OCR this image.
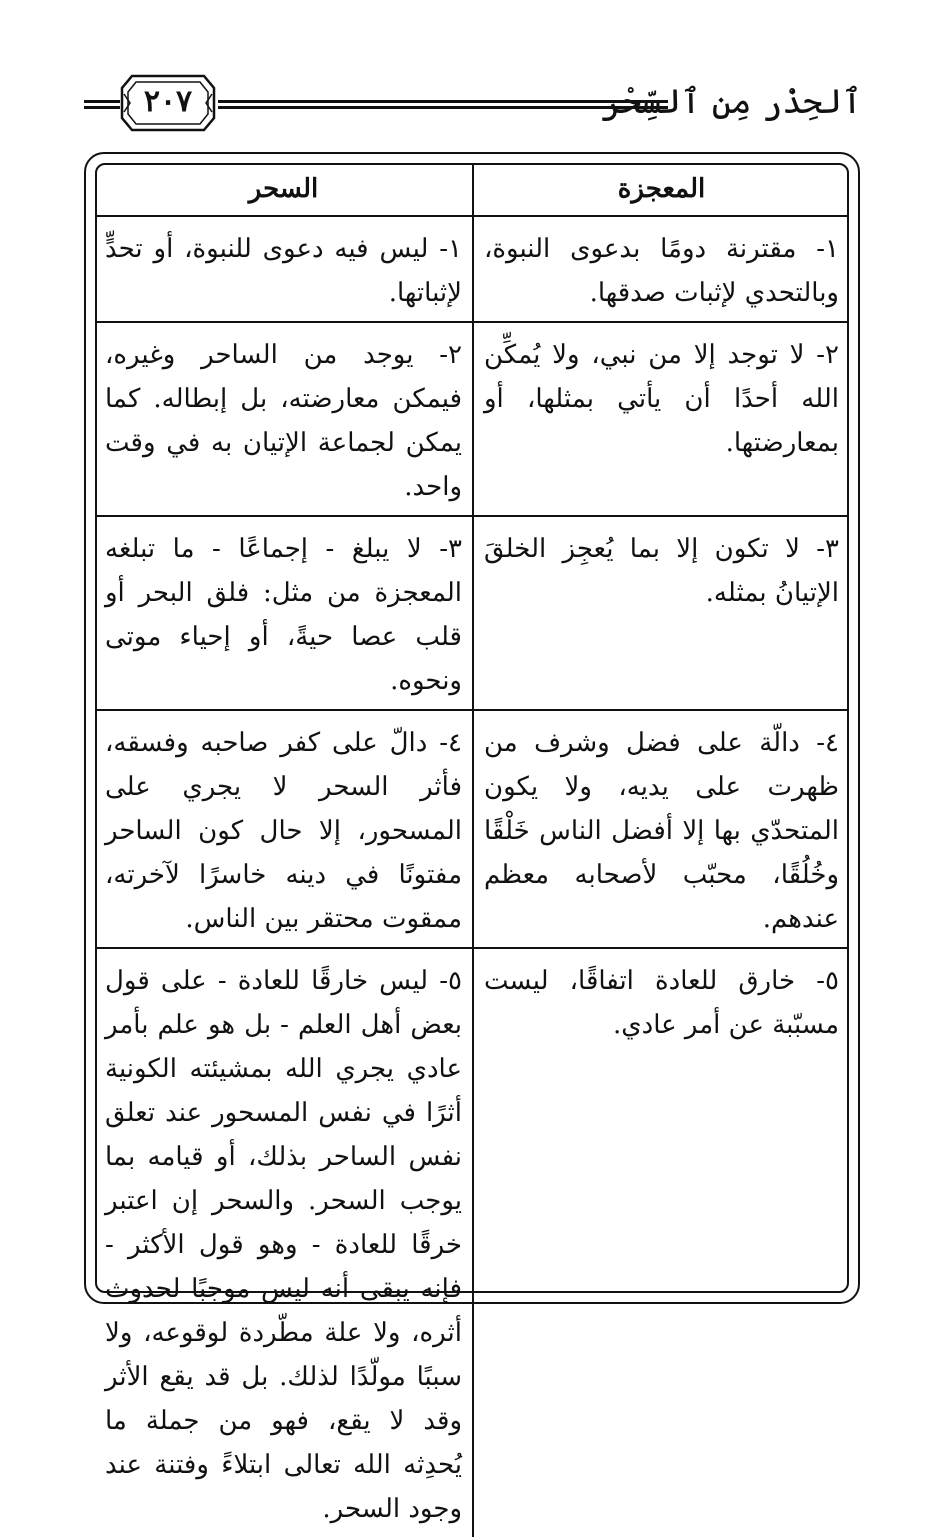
ٱلحِذْر مِن ٱلسِّحْر
٢٠٧
المعجزة	السحر
١- مقترنة دومًا بدعوى النبوة، وبالتحدي لإثبات صدقها.	١- ليس فيه دعوى للنبوة، أو تحدٍّ لإثباتها.
٢- لا توجد إلا من نبي، ولا يُمكِّن الله أحدًا أن يأتي بمثلها، أو بمعارضتها.	٢- يوجد من الساحر وغيره، فيمكن معارضته، بل إبطاله. كما يمكن لجماعة الإتيان به في وقت واحد.
٣- لا تكون إلا بما يُعجِز الخلقَ الإتيانُ بمثله.	٣- لا يبلغ - إجماعًا - ما تبلغه المعجزة من مثل: فلق البحر أو قلب عصا حيةً، أو إحياء موتى ونحوه.
٤- دالّة على فضل وشرف من ظهرت على يديه، ولا يكون المتحدّي بها إلا أفضل الناس خَلْقًا وخُلُقًا، محبّب لأصحابه معظم عندهم.	٤- دالّ على كفر صاحبه وفسقه، فأثر السحر لا يجري على المسحور، إلا حال كون الساحر مفتونًا في دينه خاسرًا لآخرته، ممقوت محتقر بين الناس.
٥- خارق للعادة اتفاقًا، ليست مسبّبة عن أمر عادي.	٥- ليس خارقًا للعادة - على قول بعض أهل العلم - بل هو علم بأمر عادي يجري الله بمشيئته الكونية أثرًا في نفس المسحور عند تعلق نفس الساحر بذلك، أو قيامه بما يوجب السحر. والسحر إن اعتبر خرقًا للعادة - وهو قول الأكثر - فإنه يبقى أنه ليس موجبًا لحدوث أثره، ولا علة مطّردة لوقوعه، ولا سببًا مولّدًا لذلك. بل قد يقع الأثر وقد لا يقع، فهو من جملة ما يُحدِثه الله تعالى ابتلاءً وفتنة عند وجود السحر.
